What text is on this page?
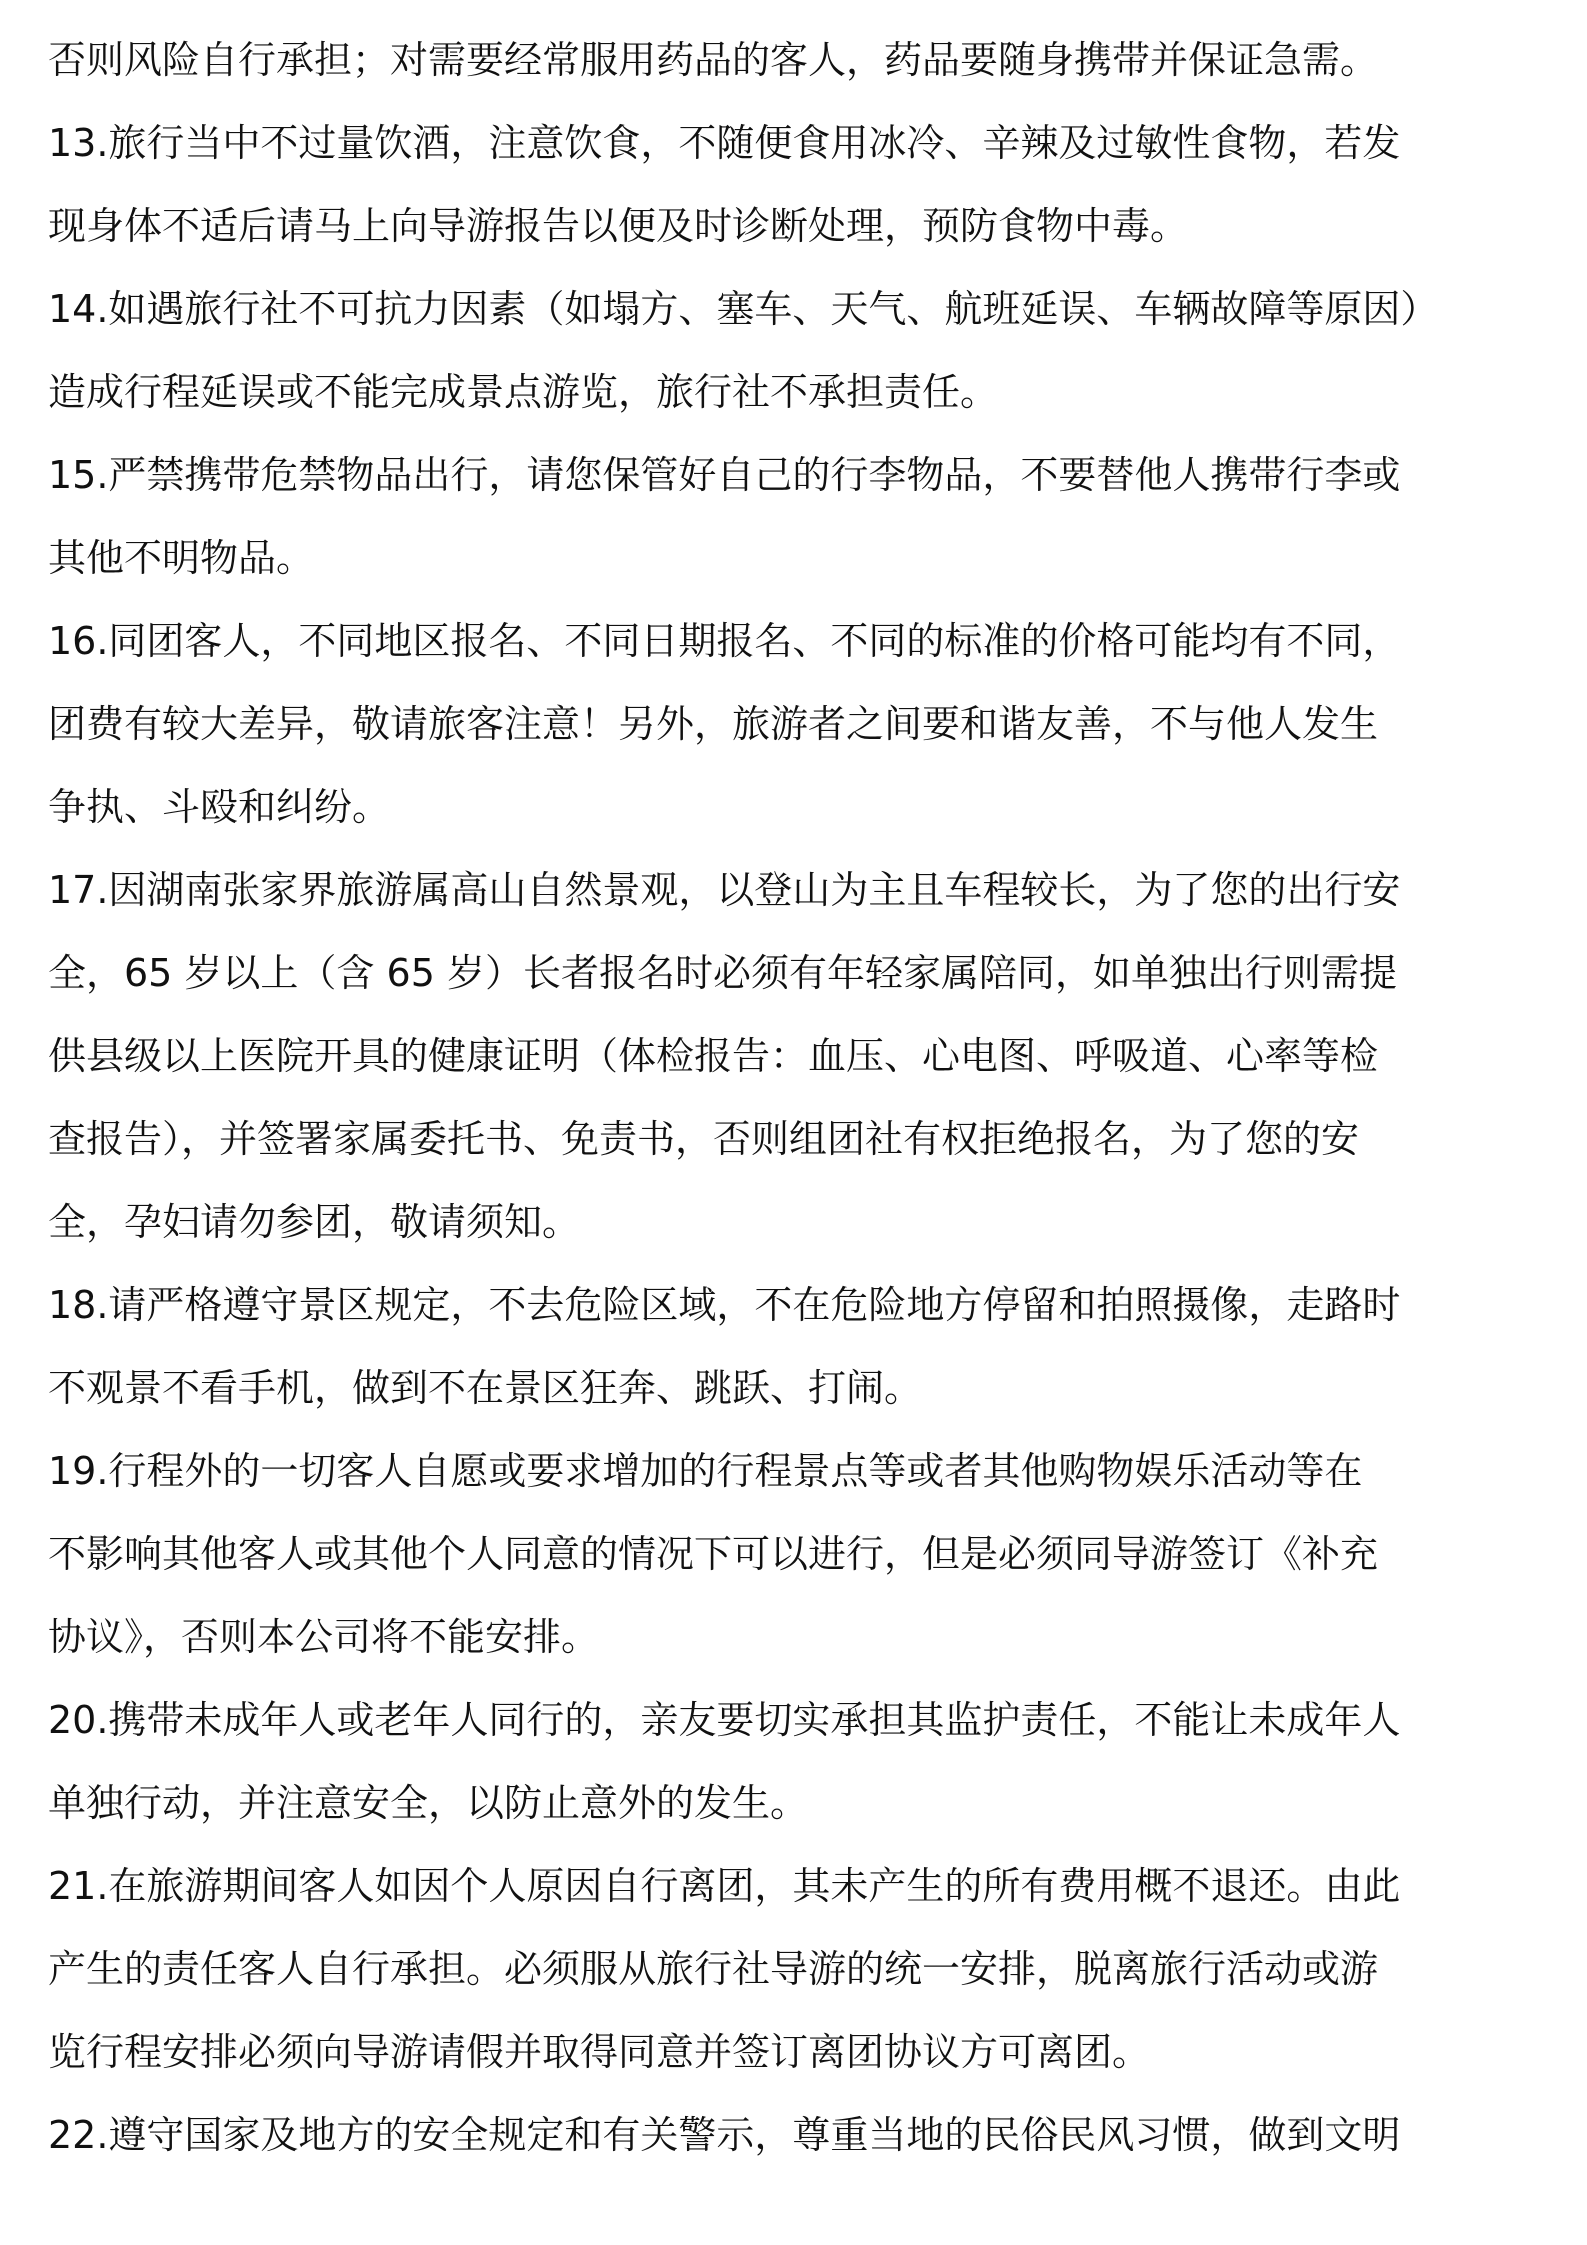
否则风险自行承担；对需要经常服用药品的客人，药品要随身携带并保证急需。
13.旅行当中不过量饮酒，注意饮食，不随便食用冰冷、辛辣及过敏性食物，若发
现身体不适后请马上向导游报告以便及时诊断处理，预防食物中毒。
14.如遇旅行社不可抗力因素（如塌方、塞车、天气、航班延误、车辆故障等原因）
造成行程延误或不能完成景点游览，旅行社不承担责任。
15.严禁携带危禁物品出行，请您保管好自己的行李物品，不要替他人携带行李或
其他不明物品。
16.同团客人，不同地区报名、不同日期报名、不同的标准的价格可能均有不同，
团费有较大差异，敬请旅客注意！另外，旅游者之间要和谐友善，不与他人发生
争执、斗殴和纠纷。
17.因湖南张家界旅游属高山自然景观，以登山为主且车程较长，为了您的出行安
全，65 岁以上（含 65 岁）长者报名时必须有年轻家属陪同，如单独出行则需提
供县级以上医院开具的健康证明（体检报告：血压、心电图、呼吸道、心率等检
查报告），并签署家属委托书、免责书，否则组团社有权拒绝报名，为了您的安
全，孕妇请勿参团，敬请须知。
18.请严格遵守景区规定，不去危险区域，不在危险地方停留和拍照摄像，走路时
不观景不看手机，做到不在景区狂奔、跳跃、打闹。
19.行程外的一切客人自愿或要求增加的行程景点等或者其他购物娱乐活动等在
不影响其他客人或其他个人同意的情况下可以进行，但是必须同导游签订《补充
协议》，否则本公司将不能安排。
20.携带未成年人或老年人同行的，亲友要切实承担其监护责任，不能让未成年人
单独行动，并注意安全，以防止意外的发生。
21.在旅游期间客人如因个人原因自行离团，其未产生的所有费用概不退还。由此
产生的责任客人自行承担。必须服从旅行社导游的统一安排，脱离旅行活动或游
览行程安排必须向导游请假并取得同意并签订离团协议方可离团。
22.遵守国家及地方的安全规定和有关警示，尊重当地的民俗民风习惯，做到文明
